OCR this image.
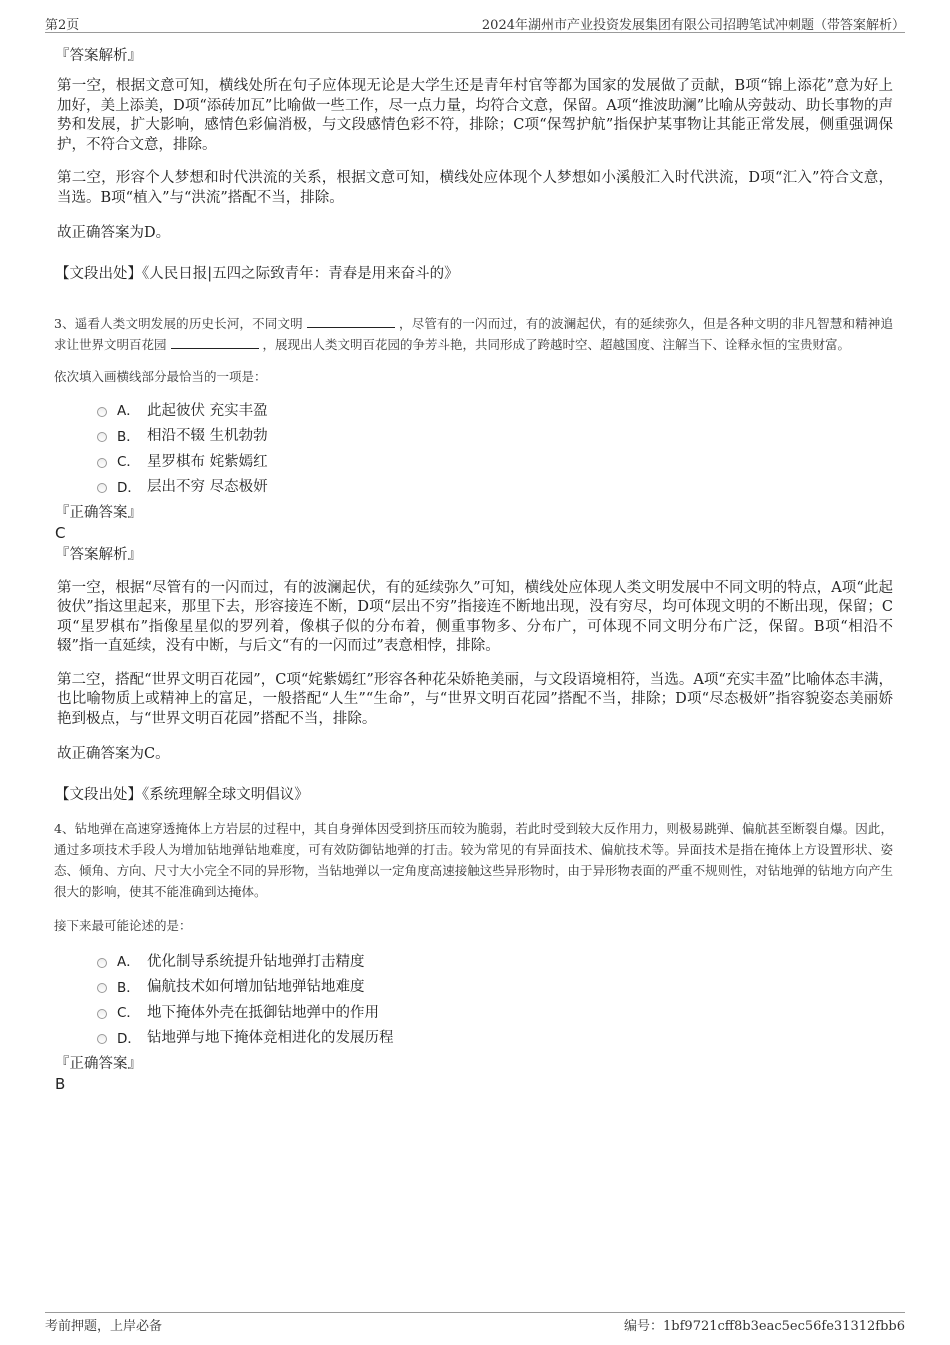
第2页	2024年湖州市产业投资发展集团有限公司招聘笔试冲刺题（带答案解析）
『答案解析』

第一空，根据文意可知，横线处所在句子应体现无论是大学生还是青年村官等都为国家的发展做了贡献，B项“锦上添花”意为好上加好，美上添美，D项“添砖加瓦”比喻做一些工作，尽一点力量，均符合文意，保留。A项“推波助澜”比喻从旁鼓动、助长事物的声势和发展，扩大影响，感情色彩偏消极，与文段感情色彩不符，排除；C项“保驾护航”指保护某事物让其能正常发展，侧重强调保护，不符合文意，排除。

第二空，形容个人梦想和时代洪流的关系，根据文意可知，横线处应体现个人梦想如小溪般汇入时代洪流，D项“汇入”符合文意，当选。B项“植入”与“洪流”搭配不当，排除。

故正确答案为D。

【文段出处】《人民日报|五四之际致青年：青春是用来奋斗的》
3、遥看人类文明发展的历史长河，不同文明	，尽管有的一闪而过，有的波澜起伏，有的延续弥久，但是各种文明的非凡智慧和精神追求让世界文明百花园	，展现出人类文明百花园的争芳斗艳，共同形成了跨越时空、超越国度、注解当下、诠释永恒的宝贵财富。
依次填入画横线部分最恰当的一项是：
A． 此起彼伏 充实丰盈
B． 相沿不辍 生机勃勃
C． 星罗棋布 姹紫嫣红
D． 层出不穷 尽态极妍
『正确答案』
C
『答案解析』

第一空，根据“尽管有的一闪而过，有的波澜起伏，有的延续弥久”可知，横线处应体现人类文明发展中不同文明的特点，A项“此起彼伏”指这里起来，那里下去，形容接连不断，D项“层出不穷”指接连不断地出现，没有穷尽，均可体现文明的不断出现，保留；C项“星罗棋布”指像星星似的罗列着，像棋子似的分布着，侧重事物多、分布广，可体现不同文明分布广泛，保留。B项“相沿不辍”指一直延续，没有中断，与后文“有的一闪而过”表意相悖，排除。

第二空，搭配“世界文明百花园”，C项“姹紫嫣红”形容各种花朵娇艳美丽，与文段语境相符，当选。A项“充实丰盈”比喻体态丰满，也比喻物质上或精神上的富足，一般搭配“人生”“生命”，与“世界文明百花园”搭配不当，排除；D项“尽态极妍”指容貌姿态美丽娇艳到极点，与“世界文明百花园”搭配不当，排除。

故正确答案为C。

【文段出处】《系统理解全球文明倡议》
4、钻地弹在高速穿透掩体上方岩层的过程中，其自身弹体因受到挤压而较为脆弱，若此时受到较大反作用力，则极易跳弹、偏航甚至断裂自爆。因此，通过多项技术手段人为增加钻地弹钻地难度，可有效防御钻地弹的打击。较为常见的有异面技术、偏航技术等。异面技术是指在掩体上方设置形状、姿态、倾角、方向、尺寸大小完全不同的异形物，当钻地弹以一定角度高速接触这些异形物时，由于异形物表面的严重不规则性，对钻地弹的钻地方向产生很大的影响，使其不能准确到达掩体。
接下来最可能论述的是：
A． 优化制导系统提升钻地弹打击精度
B． 偏航技术如何增加钻地弹钻地难度
C． 地下掩体外壳在抵御钻地弹中的作用
D． 钻地弹与地下掩体竞相进化的发展历程
『正确答案』
B
考前押题，上岸必备	编号：1bf9721cff8b3eac5ec56fe31312fbb6
